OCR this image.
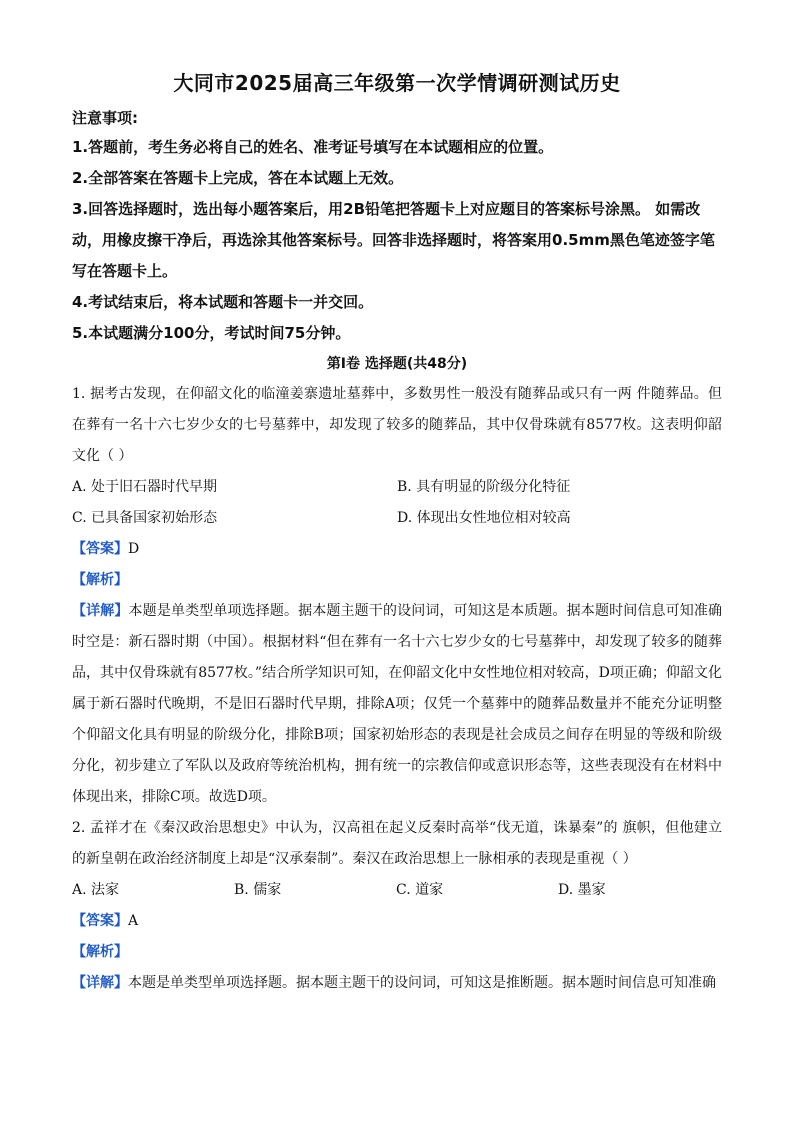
大同市2025届高三年级第一次学情调研测试历史
注意事项:
1.答题前，考生务必将自己的姓名、准考证号填写在本试题相应的位置。
2.全部答案在答题卡上完成，答在本试题上无效。
3.回答选择题时，选出每小题答案后，用2B铅笔把答题卡上对应题目的答案标号涂黑。 如需改动，用橡皮擦干净后，再选涂其他答案标号。回答非选择题时，将答案用0.5mm黑色笔迹签字笔写在答题卡上。
4.考试结束后，将本试题和答题卡一并交回。
5.本试题满分100分，考试时间75分钟。
第Ⅰ卷 选择题(共48分)
1. 据考古发现，在仰韶文化的临潼姜寨遗址墓葬中，多数男性一般没有随葬品或只有一两 件随葬品。但在葬有一名十六七岁少女的七号墓葬中，却发现了较多的随葬品，其中仅骨珠就有8577枚。这表明仰韶文化（ ）
A. 处于旧石器时代早期	B. 具有明显的阶级分化特征
C. 已具备国家初始形态	D. 体现出女性地位相对较高
【答案】D
【解析】
【详解】本题是单类型单项选择题。据本题主题干的设问词，可知这是本质题。据本题时间信息可知准确时空是：新石器时期（中国）。根据材料“但在葬有一名十六七岁少女的七号墓葬中，却发现了较多的随葬品，其中仅骨珠就有8577枚。”结合所学知识可知，在仰韶文化中女性地位相对较高，D项正确；仰韶文化属于新石器时代晚期，不是旧石器时代早期，排除A项；仅凭一个墓葬中的随葬品数量并不能充分证明整个仰韶文化具有明显的阶级分化，排除B项；国家初始形态的表现是社会成员之间存在明显的等级和阶级分化，初步建立了军队以及政府等统治机构，拥有统一的宗教信仰或意识形态等，这些表现没有在材料中体现出来，排除C项。故选D项。
2. 孟祥才在《秦汉政治思想史》中认为，汉高祖在起义反秦时高举“伐无道，诛暴秦”的 旗帜，但他建立的新皇朝在政治经济制度上却是“汉承秦制”。秦汉在政治思想上一脉相承的表现是重视（ ）
A. 法家	B. 儒家	C. 道家	D. 墨家
【答案】A
【解析】
【详解】本题是单类型单项选择题。据本题主题干的设问词，可知这是推断题。据本题时间信息可知准确
